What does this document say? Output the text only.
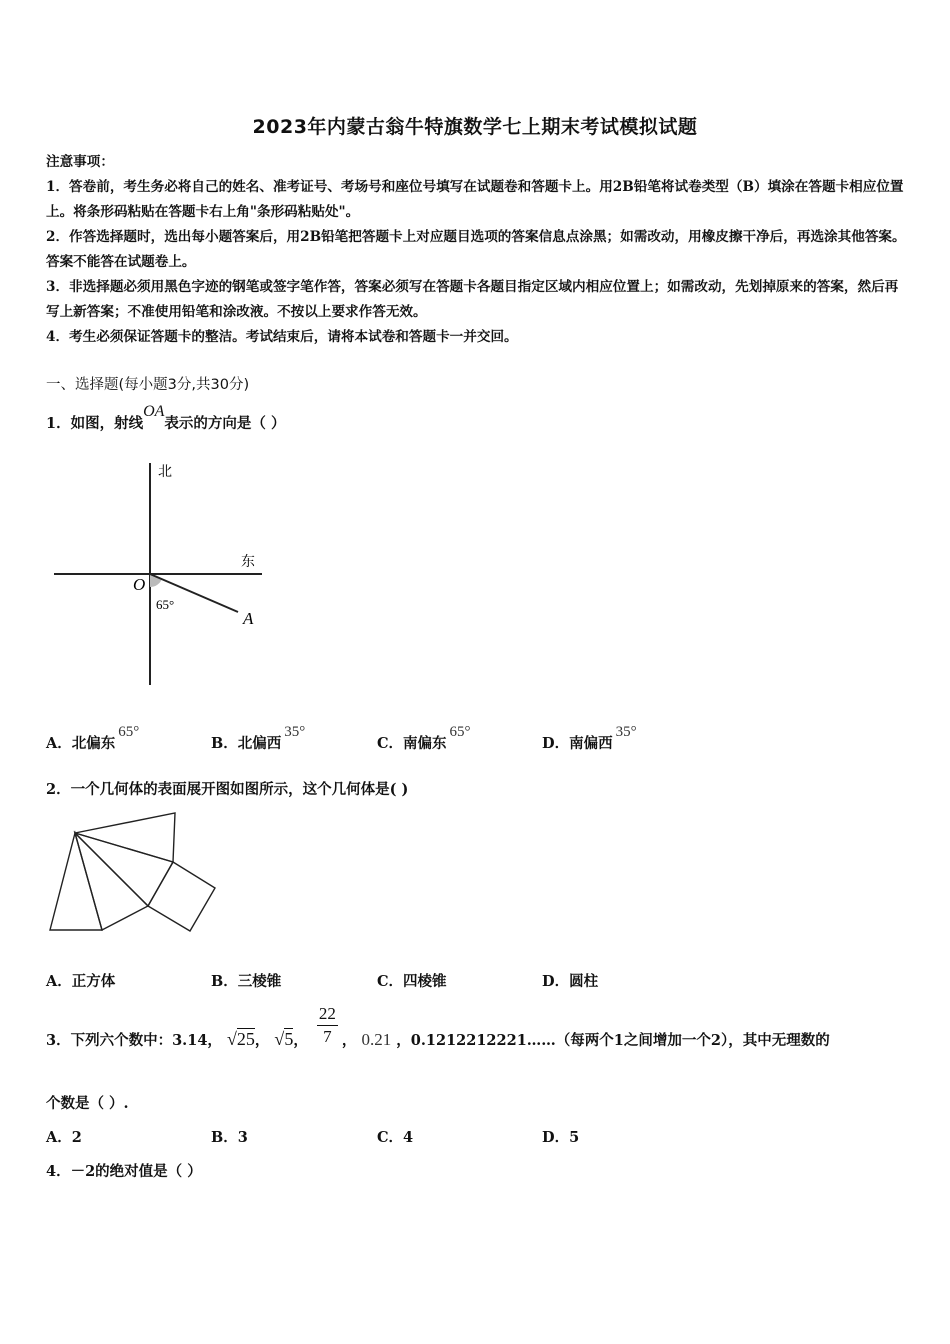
2023年内蒙古翁牛特旗数学七上期末考试模拟试题

注意事项：

1．答卷前，考生务必将自己的姓名、准考证号、考场号和座位号填写在试题卷和答题卡上。用2B铅笔将试卷类型（B）填涂在答题卡相应位置上。将条形码粘贴在答题卡右上角"条形码粘贴处"。

2．作答选择题时，选出每小题答案后，用2B铅笔把答题卡上对应题目选项的答案信息点涂黑；如需改动，用橡皮擦干净后，再选涂其他答案。答案不能答在试题卷上。

3．非选择题必须用黑色字迹的钢笔或签字笔作答，答案必须写在答题卡各题目指定区域内相应位置上；如需改动，先划掉原来的答案，然后再写上新答案；不准使用铅笔和涂改液。不按以上要求作答无效。

4．考生必须保证答题卡的整洁。考试结束后，请将本试卷和答题卡一并交回。

一、选择题(每小题3分,共30分)
1．如图，射线OA表示的方向是（ ）
北
东
O
A
65°
A．北偏东65°
B．北偏西35°
C．南偏东65°
D．南偏西35°
2．一个几何体的表面展开图如图所示，这个几何体是( )
A．正方体	B．三棱锥	C．四棱锥	D．圆柱
3．下列六个数中：3.14， √25， √5， $\frac{22}{7}$ ， 0.21 ，0.1212212221……（每两个1之间增加一个2），其中无理数的
个数是（ ）.
A．2	B．3	C．4	D．5
4．－2的绝对值是（ ）
